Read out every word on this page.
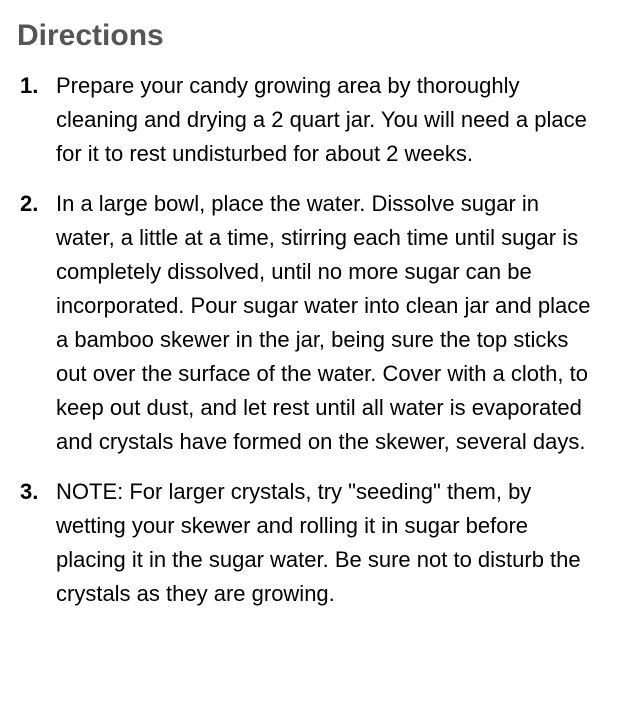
Directions
1. Prepare your candy growing area by thoroughly cleaning and drying a 2 quart jar. You will need a place for it to rest undisturbed for about 2 weeks.

2. In a large bowl, place the water. Dissolve sugar in water, a little at a time, stirring each time until sugar is completely dissolved, until no more sugar can be incorporated. Pour sugar water into clean jar and place a bamboo skewer in the jar, being sure the top sticks out over the surface of the water. Cover with a cloth, to keep out dust, and let rest until all water is evaporated and crystals have formed on the skewer, several days.

3. NOTE: For larger crystals, try "seeding" them, by wetting your skewer and rolling it in sugar before placing it in the sugar water. Be sure not to disturb the crystals as they are growing.
